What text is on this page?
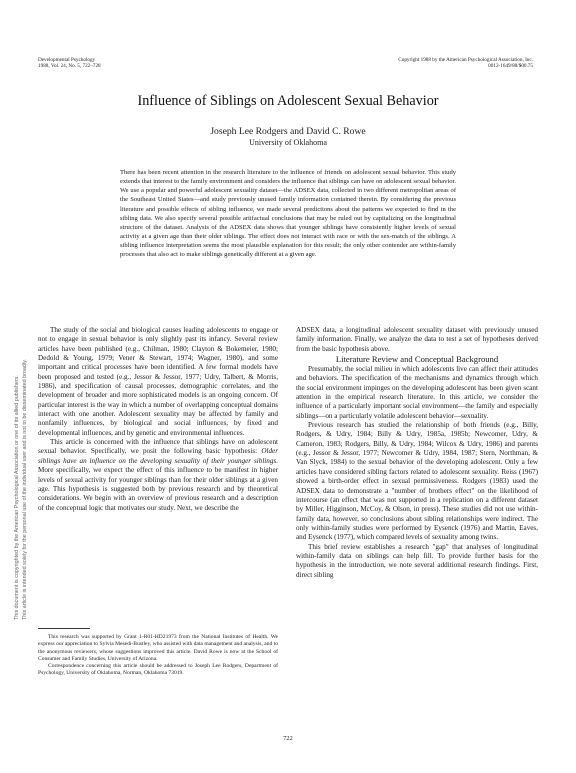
Developmental Psychology
1988, Vol. 24, No. 5, 722–728
Copyright 1988 by the American Psychological Association, Inc.
0012-1649/88/$00.75
Influence of Siblings on Adolescent Sexual Behavior
Joseph Lee Rodgers and David C. Rowe
University of Oklahoma
There has been recent attention in the research literature to the influence of friends on adolescent sexual behavior. This study extends that interest to the family environment and considers the influence that siblings can have on adolescent sexual behavior. We use a popular and powerful adolescent sexuality dataset—the ADSEX data, collected in two different metropolitan areas of the Southeast United States—and study previously unused family information contained therein. By considering the previous literature and possible effects of sibling influence, we made several predictions about the patterns we expected to find in the sibling data. We also specify several possible artifactual conclusions that may be ruled out by capitalizing on the longitudinal structure of the dataset. Analysis of the ADSEX data shows that younger siblings have consistently higher levels of sexual activity at a given age than their older siblings. The effect does not interact with race or with the sex-match of the siblings. A sibling influence interpretation seems the most plausible explanation for this result; the only other contender are within-family processes that also act to make siblings genetically different at a given age.

The study of the social and biological causes leading adolescents to engage or not to engage in sexual behavior is only slightly past its infancy. Several review articles have been published (e.g., Chilman, 1980; Clayton & Bokemeier, 1980; Dedold & Young, 1979; Vener & Stewart, 1974; Wagner, 1980), and some important and critical processes have been identified. A few formal models have been proposed and tested (e.g., Jessor & Jessor, 1977; Udry, Talbert, & Morris, 1986), and specification of causal processes, demographic correlates, and the development of broader and more sophisticated models is an ongoing concern. Of particular interest is the way in which a number of overlapping conceptual domains interact with one another. Adolescent sexuality may be affected by family and nonfamily influences, by biological and social influences, by fixed and developmental influences, and by genetic and environmental influences.

This article is concerned with the influence that siblings have on adolescent sexual behavior. Specifically, we posit the following basic hypothesis: Older siblings have an influence on the developing sexuality of their younger siblings. More specifically, we expect the effect of this influence to be manifest in higher levels of sexual activity for younger siblings than for their older siblings at a given age. This hypothesis is suggested both by previous research and by theoretical considerations. We begin with an overview of previous research and a description of the conceptual logic that motivates our study. Next, we describe the

This research was supported by Grant 1-R01-HD21973 from the National Institutes of Health. We express our appreciation to Sylvia Mesedi-Bustley, who assisted with data management and analysis, and to the anonymous reviewers, whose suggestions improved this article. David Rowe is now at the School of Consumer and Family Studies, University of Arizona.

Correspondence concerning this article should be addressed to Joseph Lee Rodgers, Department of Psychology, University of Oklahoma, Norman, Oklahoma 73019.

ADSEX data, a longitudinal adolescent sexuality dataset with previously unused family information. Finally, we analyze the data to test a set of hypotheses derived from the basic hypothesis above.

Literature Review and Conceptual Background

Presumably, the social milieu in which adolescents live can affect their attitudes and behaviors. The specification of the mechanisms and dynamics through which the social environment impinges on the developing adolescent has been given scant attention in the empirical research literature. In this article, we consider the influence of a particularly important social environment—the family and especially siblings—on a particularly volatile adolescent behavior—sexuality.

Previous research has studied the relationship of both friends (e.g., Billy, Rodgers, & Udry, 1984; Billy & Udry, 1985a, 1985b; Newcomer, Udry, & Cameron, 1983; Rodgers, Billy, & Udry, 1984; Wilcox & Udry, 1986) and parents (e.g., Jessor & Jessor, 1977; Newcomer & Udry, 1984, 1987; Stern, Northman, & Van Slyck, 1984) to the sexual behavior of the developing adolescent. Only a few articles have considered sibling factors related to adolescent sexuality. Reiss (1967) showed a birth-order effect in sexual permissiveness. Rodgers (1983) used the ADSEX data to demonstrate a "number of brothers effect" on the likelihood of intercourse (an effect that was not supported in a replication on a different dataset by Miller, Higginson, McCoy, & Olson, in press). These studies did not use within-family data, however, so conclusions about sibling relationships were indirect. The only within-family studies were performed by Eysenck (1976) and Martin, Eaves, and Eysenck (1977), which compared levels of sexuality among twins.

This brief review establishes a research "gap" that analyses of longitudinal within-family data on siblings can help fill. To provide further basis for the hypothesis in the introduction, we note several additional research findings. First, direct sibling

722
This document is copyrighted by the American Psychological Association or one of its allied publishers. This article is intended solely for the personal use of the individual user and is not to be disseminated broadly.
